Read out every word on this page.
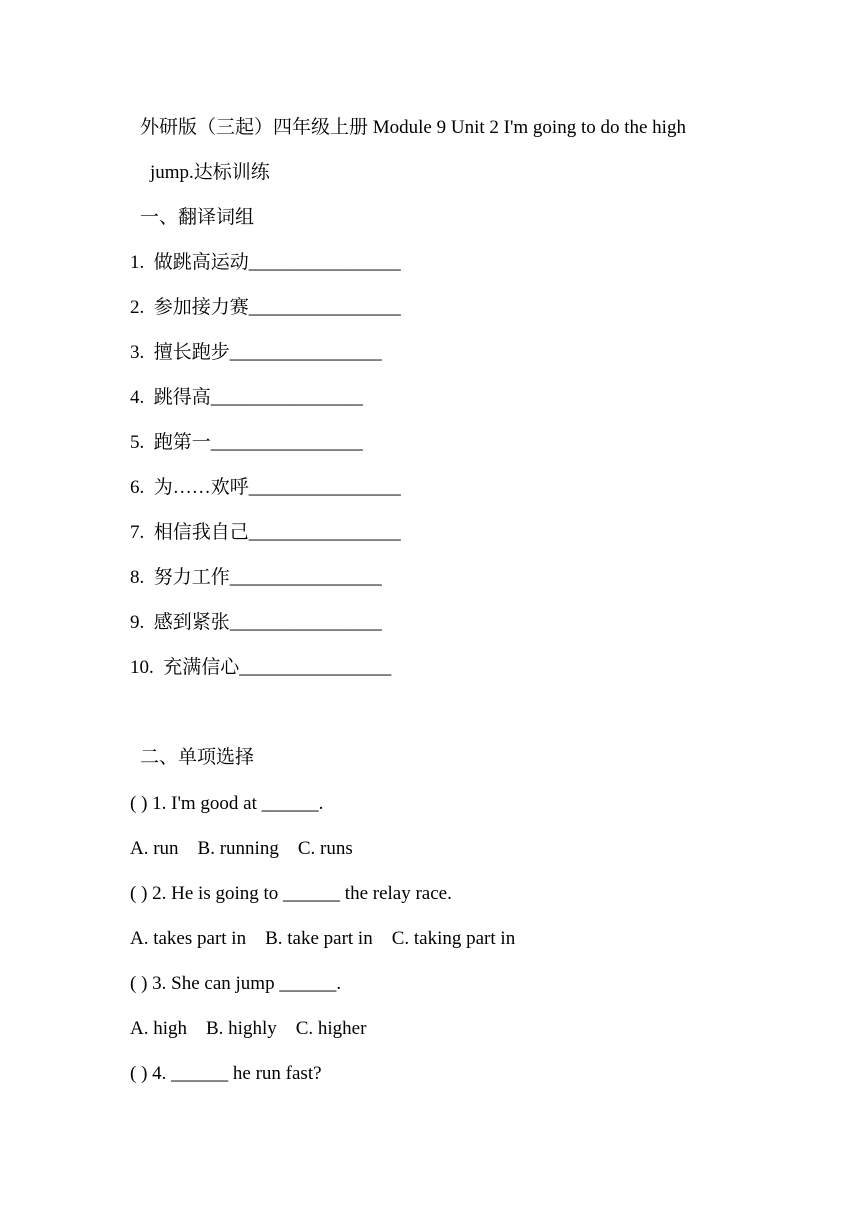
外研版（三起）四年级上册 Module 9 Unit 2 I'm going to do the high
jump.达标训练
一、翻译词组
1.  做跳高运动________________
2.  参加接力赛________________
3.  擅长跑步________________
4.  跳得高________________
5.  跑第一________________
6.  为……欢呼________________
7.  相信我自己________________
8.  努力工作________________
9.  感到紧张________________
10.  充满信心________________
二、单项选择
( ) 1. I'm good at ______.
A. run    B. running    C. runs
( ) 2. He is going to ______ the relay race.
A. takes part in    B. take part in    C. taking part in
( ) 3. She can jump ______.
A. high    B. highly    C. higher
( ) 4. ______ he run fast?
